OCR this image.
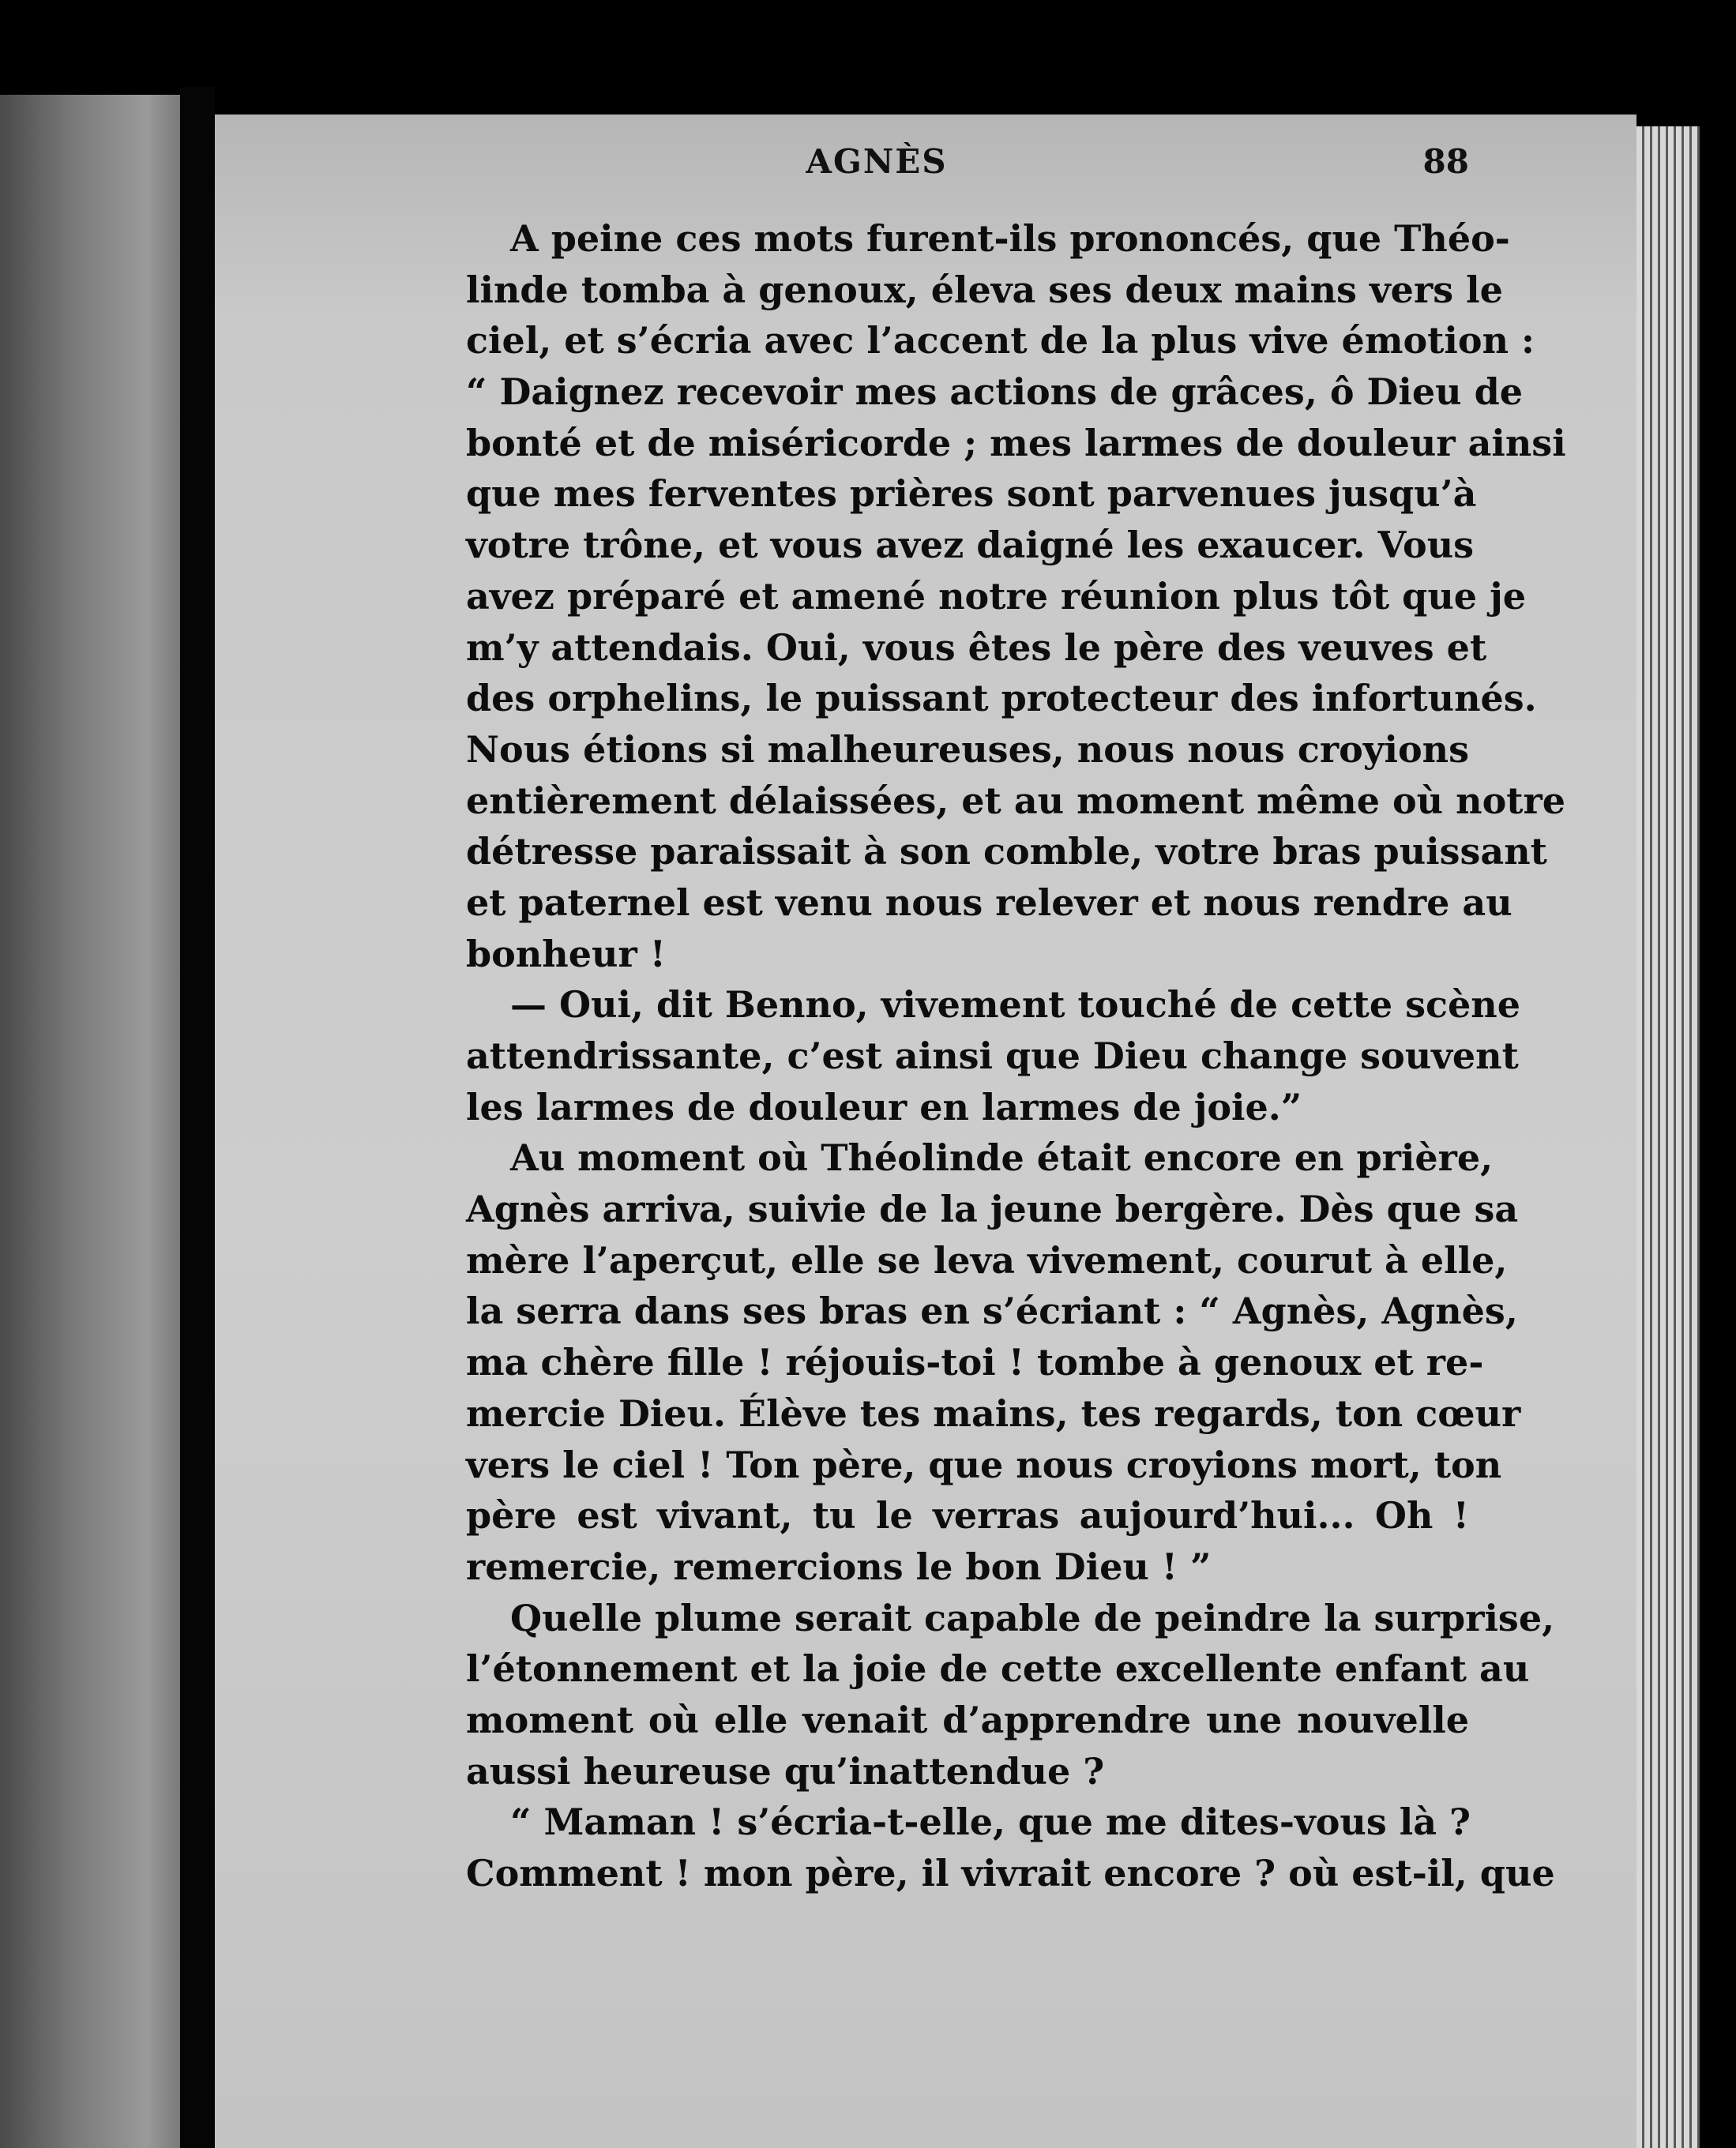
AGNÈS	88
A peine ces mots furent-ils prononcés, que Théo-
linde tomba à genoux, éleva ses deux mains vers le
ciel, et s’écria avec l’accent de la plus vive émotion :
“ Daignez recevoir mes actions de grâces, ô Dieu de
bonté et de miséricorde ; mes larmes de douleur ainsi
que mes ferventes prières sont parvenues jusqu’à
votre trône, et vous avez daigné les exaucer. Vous
avez préparé et amené notre réunion plus tôt que je
m’y attendais. Oui, vous êtes le père des veuves et
des orphelins, le puissant protecteur des infortunés.
Nous étions si malheureuses, nous nous croyions
entièrement délaissées, et au moment même où notre
détresse paraissait à son comble, votre bras puissant
et paternel est venu nous relever et nous rendre au
bonheur !
— Oui, dit Benno, vivement touché de cette scène
attendrissante, c’est ainsi que Dieu change souvent
les larmes de douleur en larmes de joie.”
Au moment où Théolinde était encore en prière,
Agnès arriva, suivie de la jeune bergère. Dès que sa
mère l’aperçut, elle se leva vivement, courut à elle,
la serra dans ses bras en s’écriant : “ Agnès, Agnès,
ma chère fille ! réjouis-toi ! tombe à genoux et re-
mercie Dieu. Élève tes mains, tes regards, ton cœur
vers le ciel ! Ton père, que nous croyions mort, ton
père est vivant, tu le verras aujourd’hui... Oh !
remercie, remercions le bon Dieu ! ”
Quelle plume serait capable de peindre la surprise,
l’étonnement et la joie de cette excellente enfant au
moment où elle venait d’apprendre une nouvelle
aussi heureuse qu’inattendue ?
“ Maman ! s’écria-t-elle, que me dites-vous là ?
Comment ! mon père, il vivrait encore ? où est-il, que
